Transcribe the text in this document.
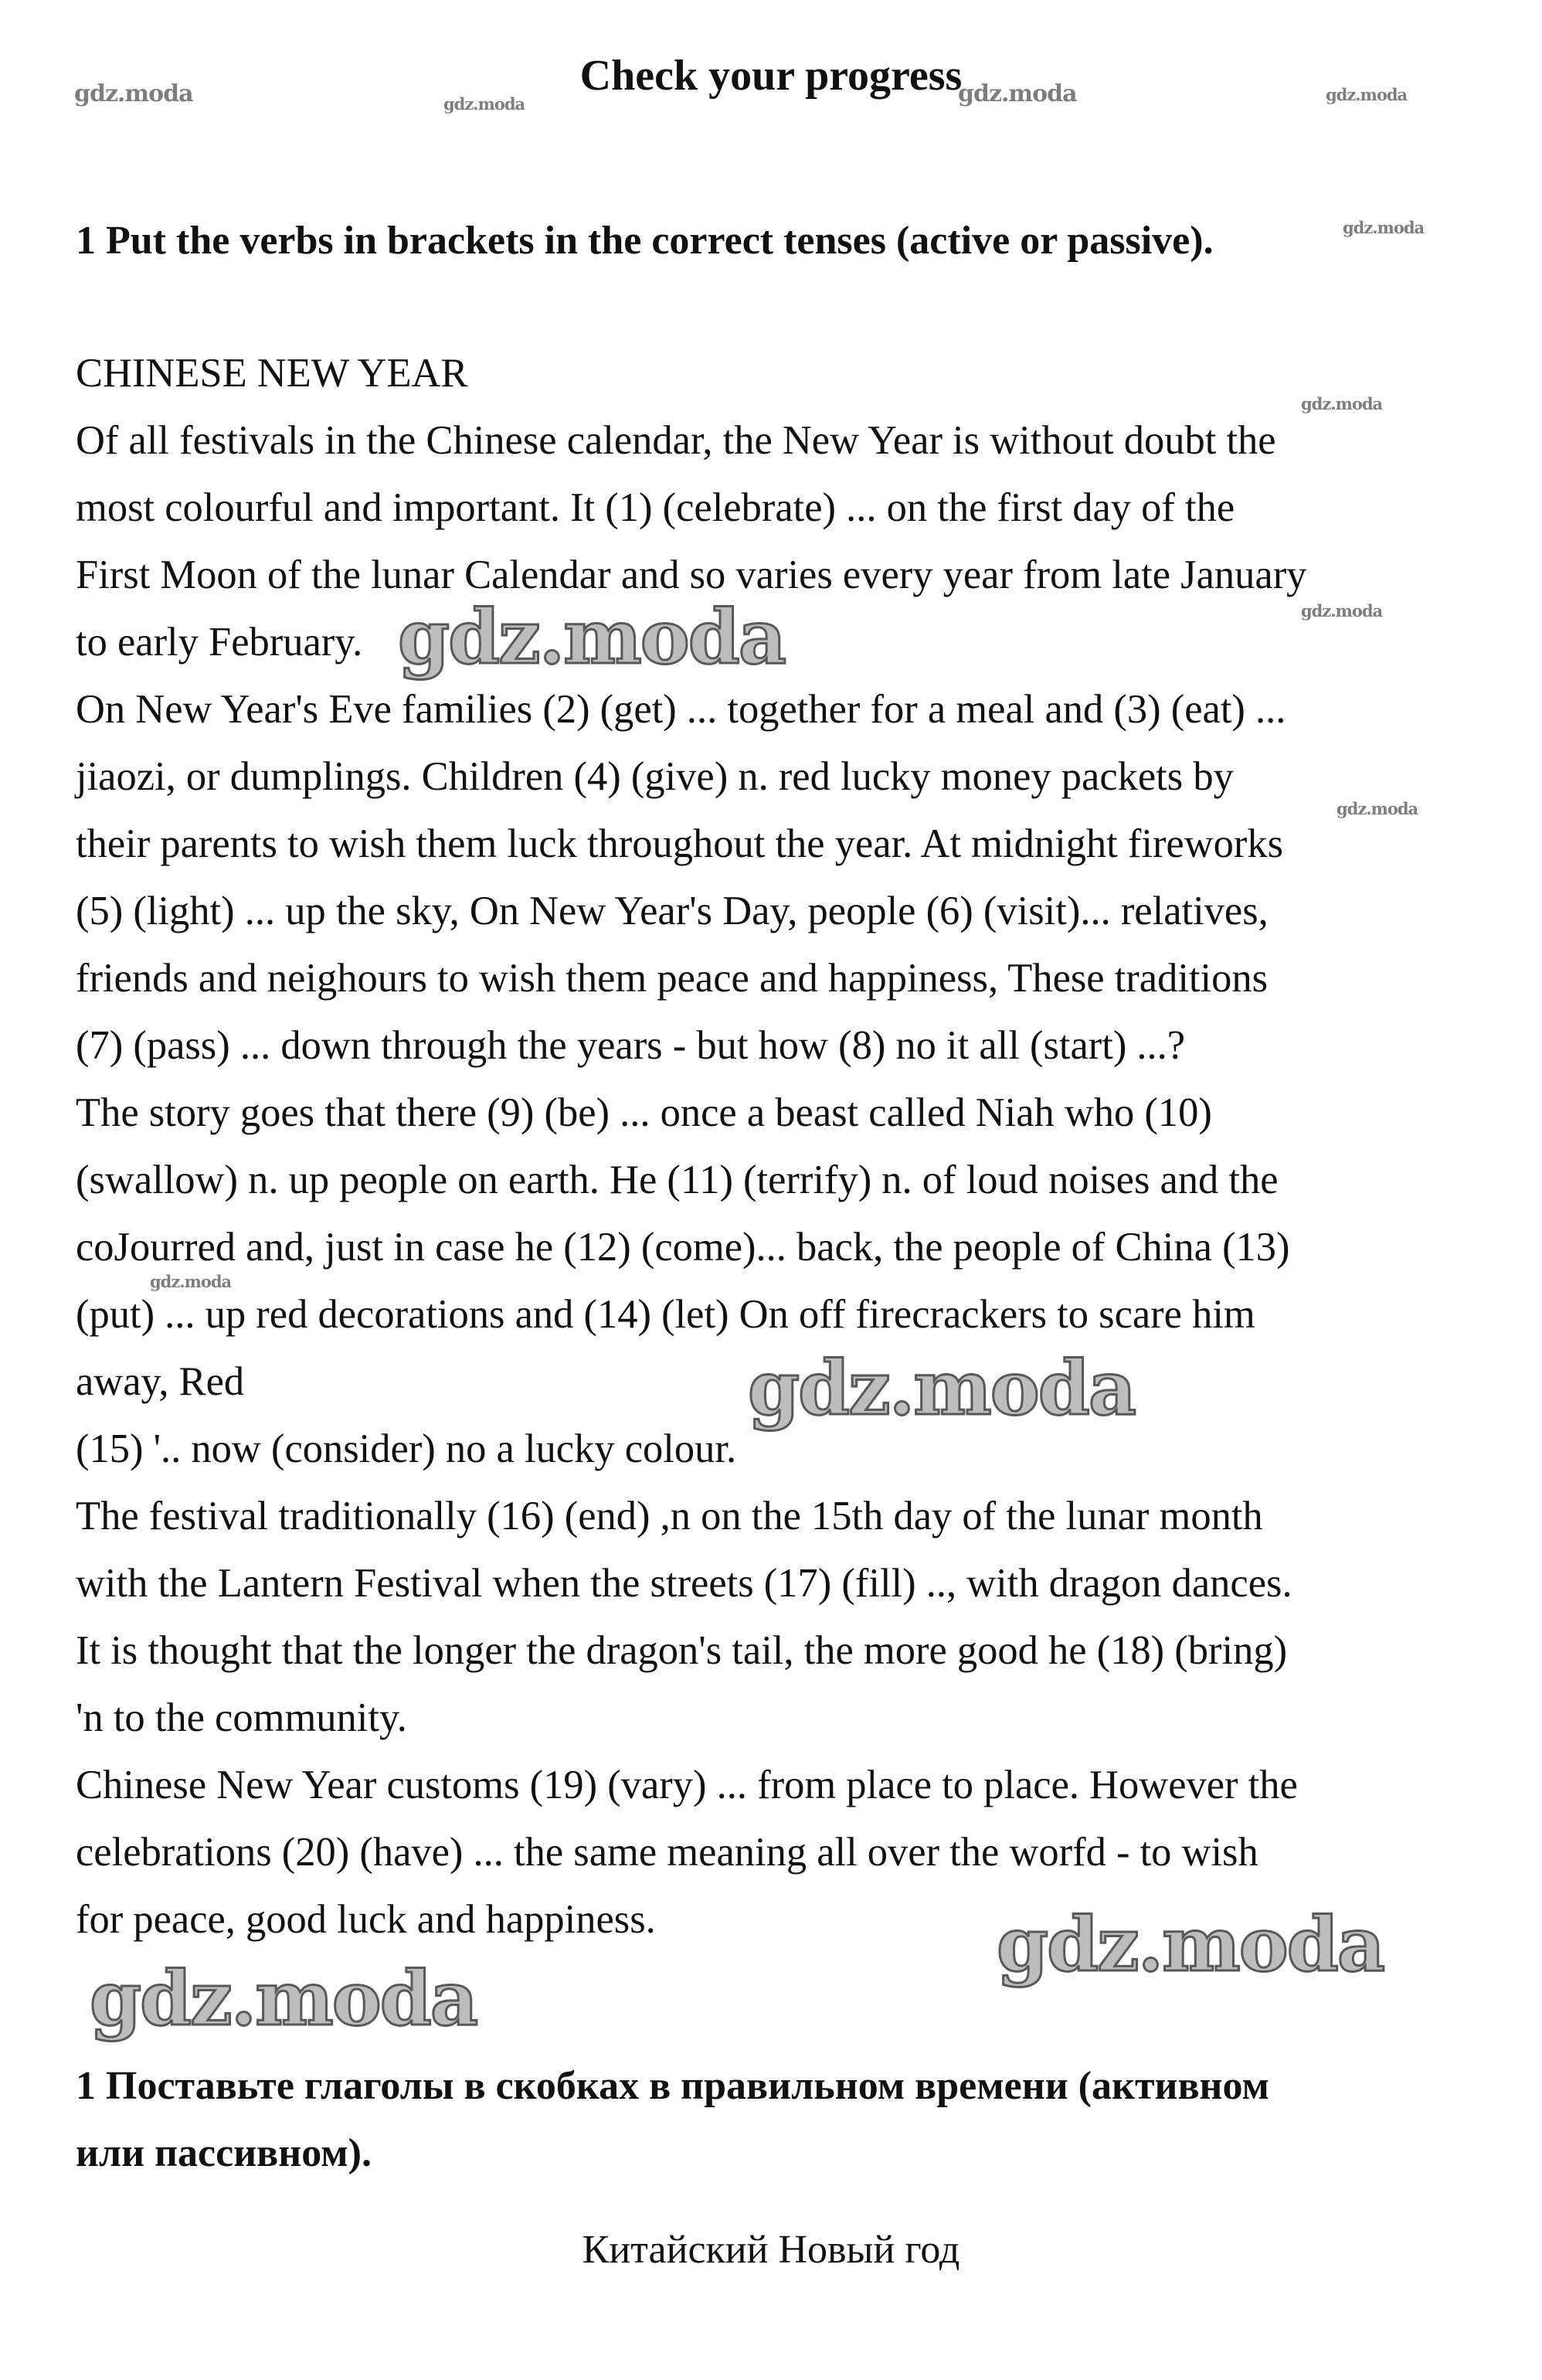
Check your progress
1 Put the verbs in brackets in the correct tenses (active or passive).
CHINESE NEW YEAR
Of all festivals in the Chinese calendar, the New Year is without doubt the
most colourful and important. It (1) (celebrate) ... on the first day of the
First Moon of the lunar Calendar and so varies every year from late January
to early February.
On New Year's Eve families (2) (get) ... together for a meal and (3) (eat) ...
jiaozi, or dumplings. Children (4) (give) n. red lucky money packets by
their parents to wish them luck throughout the year. At midnight fireworks
(5) (light) ... up the sky, On New Year's Day, people (6) (visit)... relatives,
friends and neighours to wish them peace and happiness, These traditions
(7) (pass) ... down through the years - but how (8) no it all (start) ...?
The story goes that there (9) (be) ... once a beast called Niah who (10)
(swallow) n. up people on earth. He (11) (terrify) n. of loud noises and the
coJourred and, just in case he (12) (come)... back, the people of China (13)
(put) ... up red decorations and (14) (let) On off firecrackers to scare him
away, Red
(15) '.. now (consider) no a lucky colour.
The festival traditionally (16) (end) ,n on the 15th day of the lunar month
with the Lantern Festival when the streets (17) (fill) .., with dragon dances.
It is thought that the longer the dragon's tail, the more good he (18) (bring)
'n to the community.
Chinese New Year customs (19) (vary) ... from place to place. However the
celebrations (20) (have) ... the same meaning all over the worfd - to wish
for peace, good luck and happiness.
1 Поставьте глаголы в скобках в правильном времени (активном
или пассивном).
Китайский Новый год
gdz.moda	gdz.moda	gdz.moda	gdz.moda
gdz.moda
gdz.moda
gdz.moda
gdz.moda
gdz.moda
gdz.moda
gdz.moda
gdz.moda
gdz.moda
